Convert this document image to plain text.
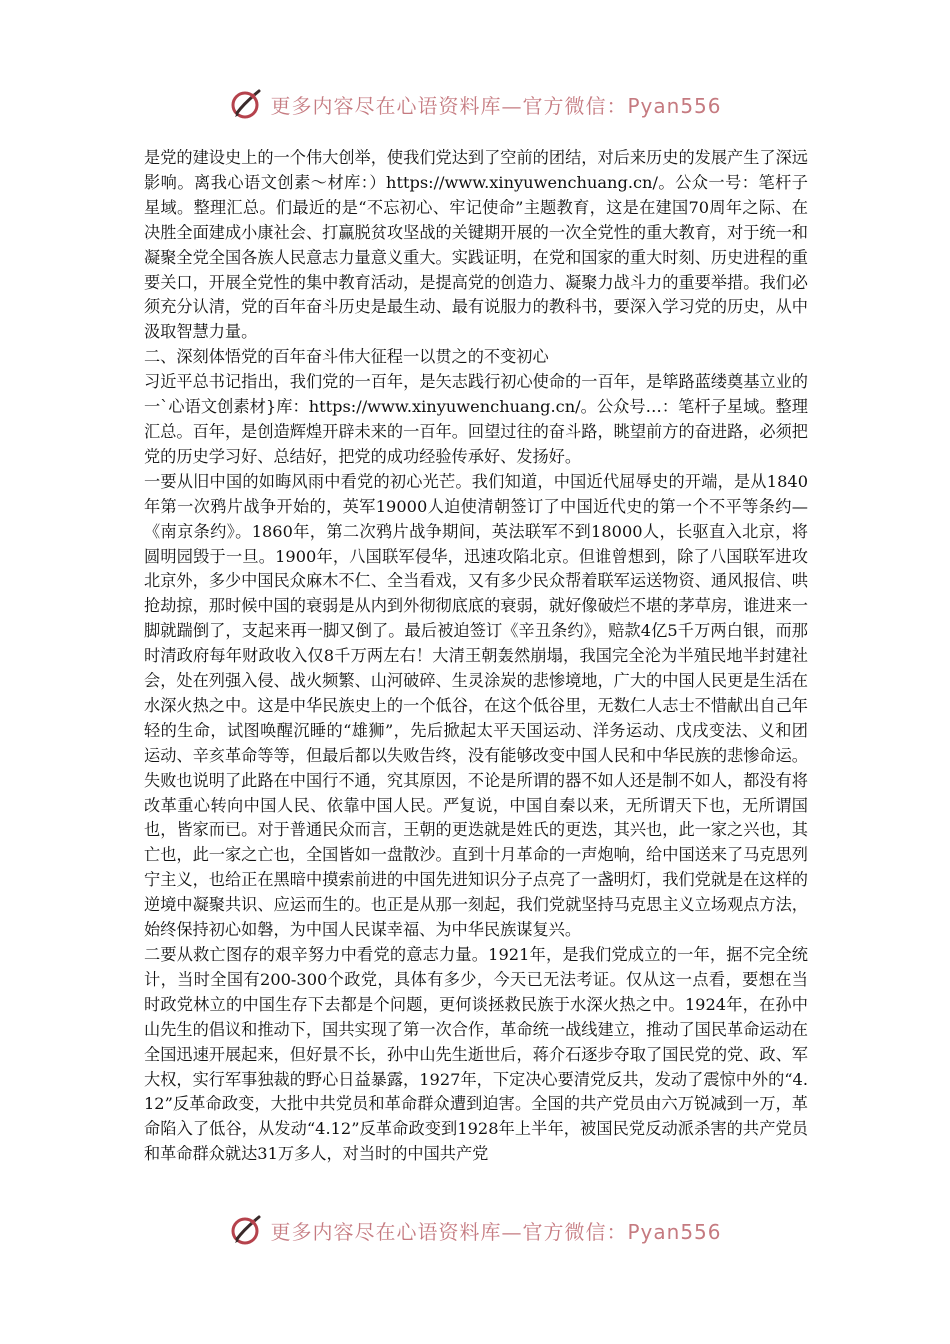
更多内容尽在心语资料库—官方微信：Pyan556

是党的建设史上的一个伟大创举，使我们党达到了空前的团结，对后来历史的发展产生了深远影响。离我心语文创素～材库：）https://www.xinyuwenchuang.cn/。公众一号：笔杆子星域。整理汇总。们最近的是“不忘初心、牢记使命”主题教育，这是在建国70周年之际、在决胜全面建成小康社会、打赢脱贫攻坚战的关键期开展的一次全党性的重大教育，对于统一和凝聚全党全国各族人民意志力量意义重大。实践证明，在党和国家的重大时刻、历史进程的重要关口，开展全党性的集中教育活动，是提高党的创造力、凝聚力战斗力的重要举措。我们必须充分认清，党的百年奋斗历史是最生动、最有说服力的教科书，要深入学习党的历史，从中汲取智慧力量。

二、深刻体悟党的百年奋斗伟大征程一以贯之的不变初心

习近平总书记指出，我们党的一百年，是矢志践行初心使命的一百年，是筚路蓝缕奠基立业的一`心语文创素材}库：https://www.xinyuwenchuang.cn/。公众号…：笔杆子星域。整理汇总。百年，是创造辉煌开辟未来的一百年。回望过往的奋斗路，眺望前方的奋进路，必须把党的历史学习好、总结好，把党的成功经验传承好、发扬好。

一要从旧中国的如晦风雨中看党的初心光芒。我们知道，中国近代屈辱史的开端，是从1840年第一次鸦片战争开始的，英军19000人迫使清朝签订了中国近代史的第一个不平等条约—《南京条约》。1860年，第二次鸦片战争期间，英法联军不到18000人，长驱直入北京，将圆明园毁于一旦。1900年，八国联军侵华，迅速攻陷北京。但谁曾想到，除了八国联军进攻北京外，多少中国民众麻木不仁、全当看戏，又有多少民众帮着联军运送物资、通风报信、哄抢劫掠，那时候中国的衰弱是从内到外彻彻底底的衰弱，就好像破烂不堪的茅草房，谁进来一脚就踹倒了，支起来再一脚又倒了。最后被迫签订《辛丑条约》，赔款4亿5千万两白银，而那时清政府每年财政收入仅8千万两左右！大清王朝轰然崩塌，我国完全沦为半殖民地半封建社会，处在列强入侵、战火频繁、山河破碎、生灵涂炭的悲惨境地，广大的中国人民更是生活在水深火热之中。这是中华民族史上的一个低谷，在这个低谷里，无数仁人志士不惜献出自己年轻的生命，试图唤醒沉睡的“雄狮”，先后掀起太平天国运动、洋务运动、戊戌变法、义和团运动、辛亥革命等等，但最后都以失败告终，没有能够改变中国人民和中华民族的悲惨命运。失败也说明了此路在中国行不通，究其原因，不论是所谓的器不如人还是制不如人，都没有将改革重心转向中国人民、依靠中国人民。严复说，中国自秦以来，无所谓天下也，无所谓国也，皆家而已。对于普通民众而言，王朝的更迭就是姓氏的更迭，其兴也，此一家之兴也，其亡也，此一家之亡也，全国皆如一盘散沙。直到十月革命的一声炮响，给中国送来了马克思列宁主义，也给正在黑暗中摸索前进的中国先进知识分子点亮了一盏明灯，我们党就是在这样的逆境中凝聚共识、应运而生的。也正是从那一刻起，我们党就坚持马克思主义立场观点方法，始终保持初心如磐，为中国人民谋幸福、为中华民族谋复兴。

二要从救亡图存的艰辛努力中看党的意志力量。1921年，是我们党成立的一年，据不完全统计，当时全国有200-300个政党，具体有多少，今天已无法考证。仅从这一点看，要想在当时政党林立的中国生存下去都是个问题，更何谈拯救民族于水深火热之中。1924年，在孙中山先生的倡议和推动下，国共实现了第一次合作，革命统一战线建立，推动了国民革命运动在全国迅速开展起来，但好景不长，孙中山先生逝世后，蒋介石逐步夺取了国民党的党、政、军大权，实行军事独裁的野心日益暴露，1927年，下定决心要清党反共，发动了震惊中外的“4.12”反革命政变，大批中共党员和革命群众遭到迫害。全国的共产党员由六万锐减到一万，革命陷入了低谷，从发动“4.12”反革命政变到1928年上半年，被国民党反动派杀害的共产党员和革命群众就达31万多人，对当时的中国共产党

更多内容尽在心语资料库—官方微信：Pyan556
